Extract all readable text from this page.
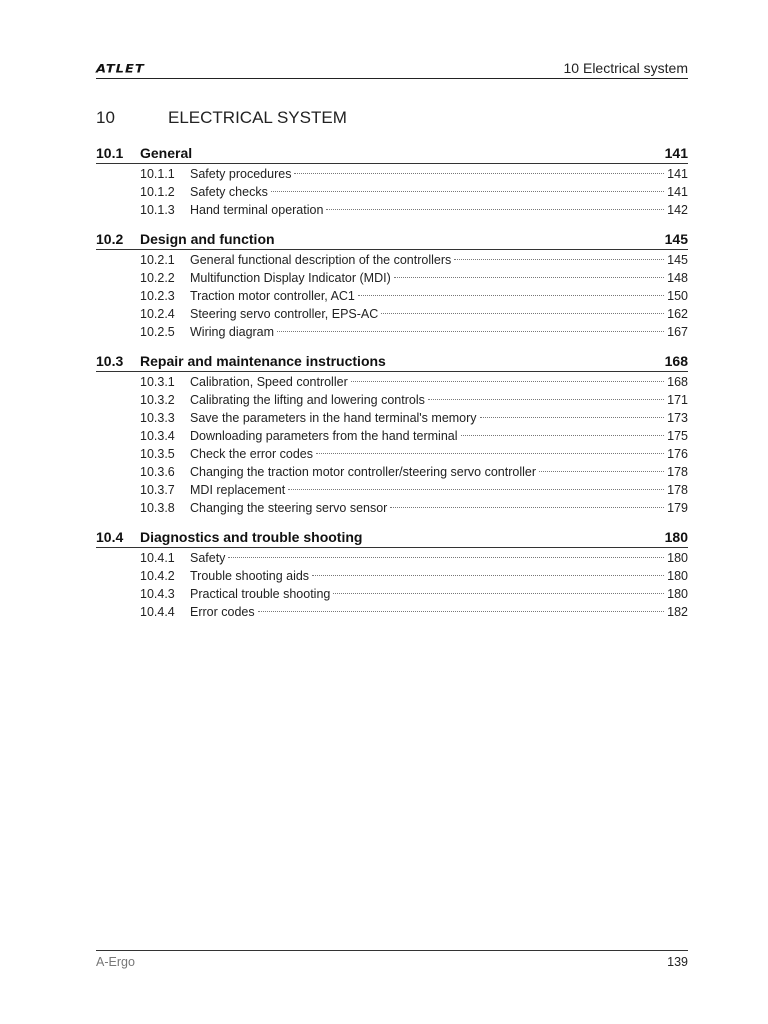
ATLET	10 Electrical system
10	ELECTRICAL SYSTEM
10.1 General	141
10.1.1	Safety procedures	141
10.1.2	Safety checks	141
10.1.3	Hand terminal operation	142
10.2 Design and function	145
10.2.1	General functional description of the controllers	145
10.2.2	Multifunction Display Indicator (MDI)	148
10.2.3	Traction motor controller, AC1	150
10.2.4	Steering servo controller, EPS-AC	162
10.2.5	Wiring diagram	167
10.3 Repair and maintenance instructions	168
10.3.1	Calibration, Speed controller	168
10.3.2	Calibrating the lifting and lowering controls	171
10.3.3	Save the parameters in the hand terminal's memory	173
10.3.4	Downloading parameters from the hand terminal	175
10.3.5	Check the error codes	176
10.3.6	Changing the traction motor controller/steering servo controller	178
10.3.7	MDI replacement	178
10.3.8	Changing the steering servo sensor	179
10.4 Diagnostics and trouble shooting	180
10.4.1	Safety	180
10.4.2	Trouble shooting aids	180
10.4.3	Practical trouble shooting	180
10.4.4	Error codes	182
A-Ergo	139
